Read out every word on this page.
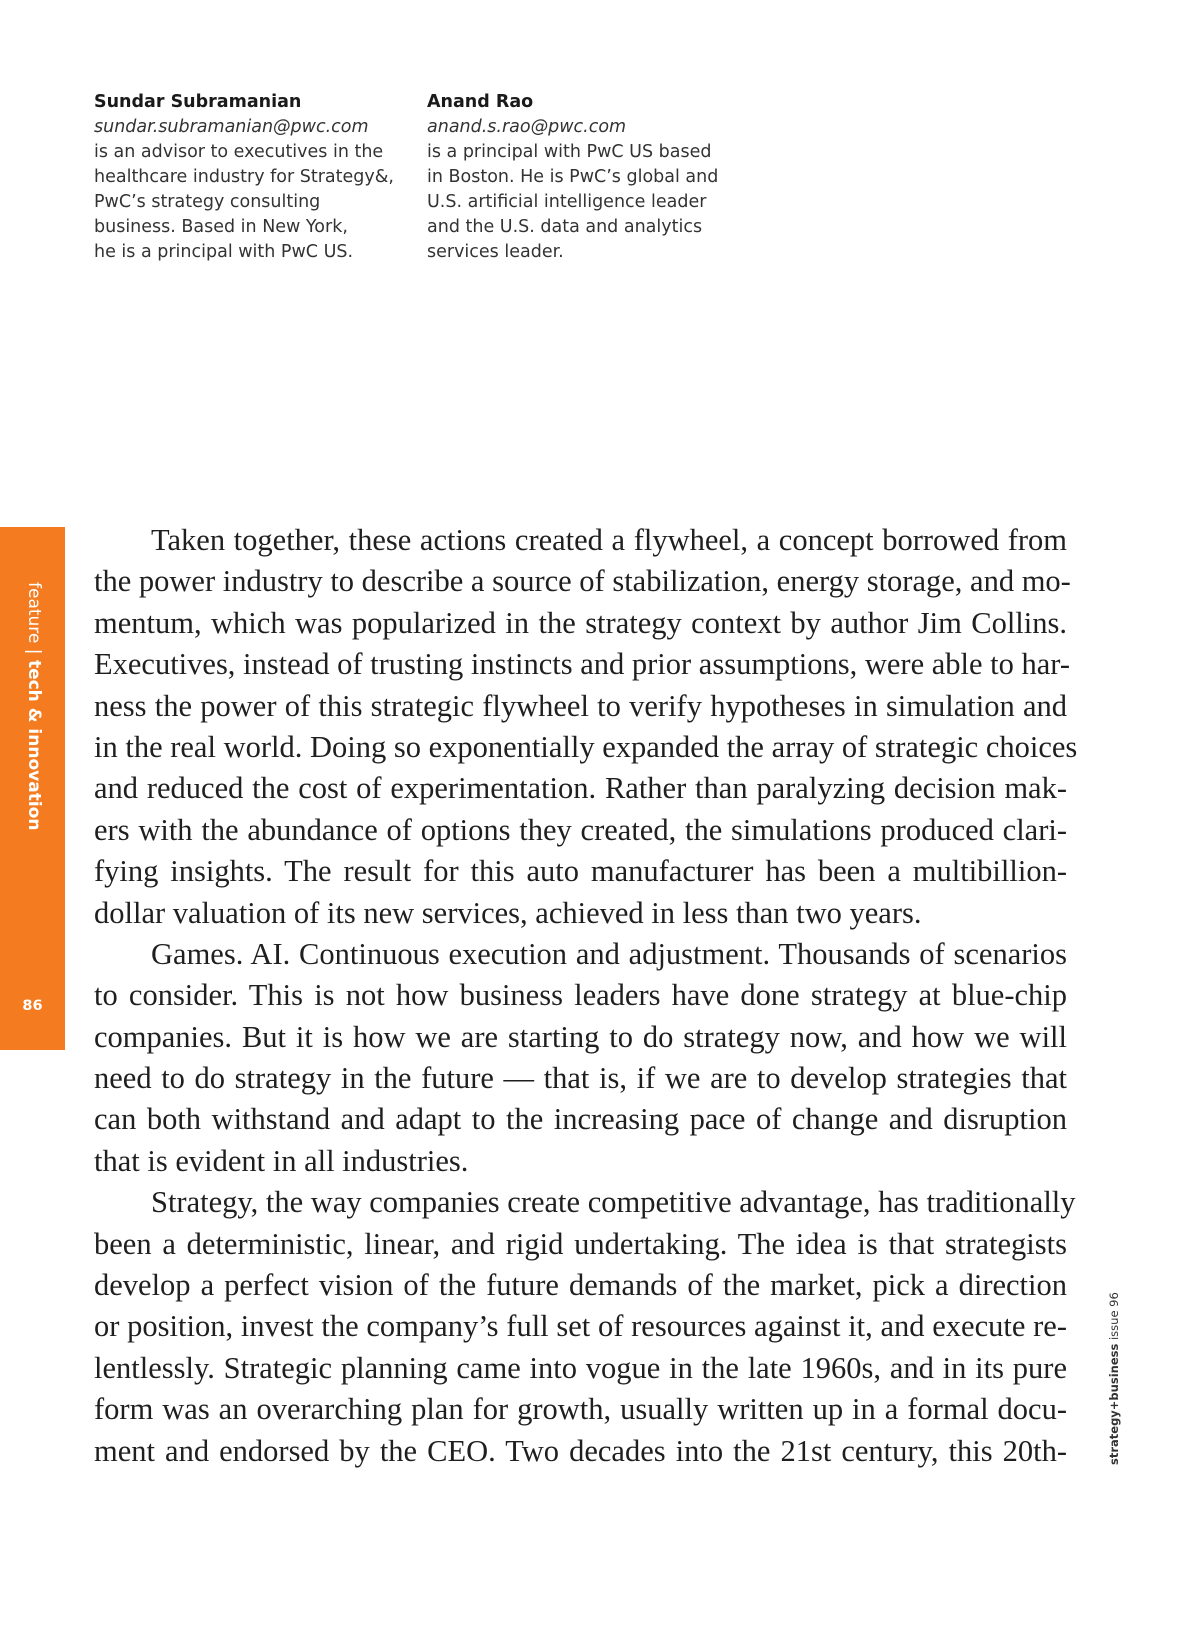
Sundar Subramanian
sundar.subramanian@pwc.com
is an advisor to executives in the
healthcare industry for Strategy&,
PwC’s strategy consulting
business. Based in New York,
he is a principal with PwC US.
Anand Rao
anand.s.rao@pwc.com
is a principal with PwC US based
in Boston. He is PwC’s global and
U.S. artificial intelligence leader
and the U.S. data and analytics
services leader.
feature | tech & innovation
86
Taken together, these actions created a flywheel, a concept borrowed from
the power industry to describe a source of stabilization, energy storage, and mo-
mentum, which was popularized in the strategy context by author Jim Collins.
Executives, instead of trusting instincts and prior assumptions, were able to har-
ness the power of this strategic flywheel to verify hypotheses in simulation and
in the real world. Doing so exponentially expanded the array of strategic choices
and reduced the cost of experimentation. Rather than paralyzing decision mak-
ers with the abundance of options they created, the simulations produced clari-
fying insights. The result for this auto manufacturer has been a multibillion-
dollar valuation of its new services, achieved in less than two years.
Games. AI. Continuous execution and adjustment. Thousands of scenarios
to consider. This is not how business leaders have done strategy at blue-chip
companies. But it is how we are starting to do strategy now, and how we will
need to do strategy in the future — that is, if we are to develop strategies that
can both withstand and adapt to the increasing pace of change and disruption
that is evident in all industries.
Strategy, the way companies create competitive advantage, has traditionally
been a deterministic, linear, and rigid undertaking. The idea is that strategists
develop a perfect vision of the future demands of the market, pick a direction
or position, invest the company’s full set of resources against it, and execute re-
lentlessly. Strategic planning came into vogue in the late 1960s, and in its pure
form was an overarching plan for growth, usually written up in a formal docu-
ment and endorsed by the CEO. Two decades into the 21st century, this 20th-	strategy+business issue 96
